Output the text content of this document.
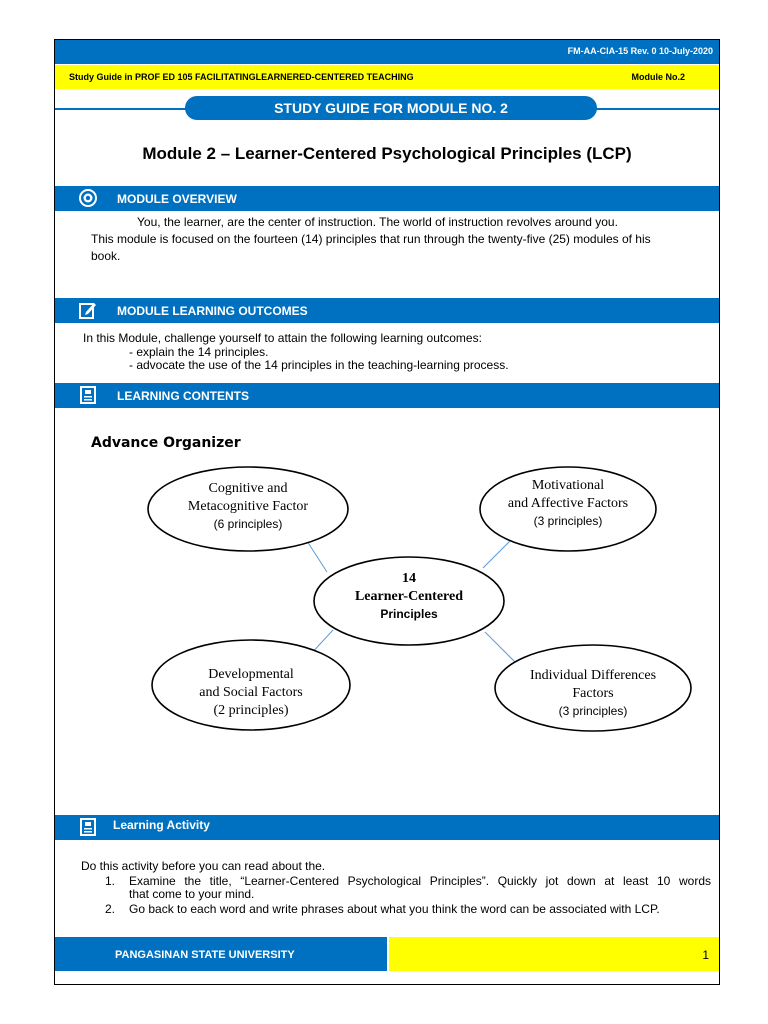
FM-AA-CIA-15 Rev. 0 10-July-2020
Study Guide in PROF ED 105 FACILITATINGLEARNERED-CENTERED TEACHING	Module No.2
STUDY GUIDE FOR MODULE NO. 2
Module 2 – Learner-Centered Psychological Principles (LCP)
MODULE OVERVIEW
You, the learner, are the center of instruction. The world of instruction revolves around you.
This module is focused on the fourteen (14) principles that run through the twenty-five (25) modules of his
book.
MODULE LEARNING OUTCOMES
In this Module, challenge yourself to attain the following learning outcomes:
- explain the 14 principles.
- advocate the use of the 14 principles in the teaching-learning process.
LEARNING CONTENTS
Advance Organizer
Cognitive and
Metacognitive Factor
(6 principles)
Motivational
and Affective Factors
(3 principles)
14
Learner-Centered
Principles
Developmental
and Social Factors
(2 principles)
Individual Differences
Factors
(3 principles)
Learning Activity
Do this activity before you can read about the.
1. Examine the title, “Learner-Centered Psychological Principles”. Quickly jot down at least 10 words
that come to your mind.
2. Go back to each word and write phrases about what you think the word can be associated with LCP.
PANGASINAN STATE UNIVERSITY	1
